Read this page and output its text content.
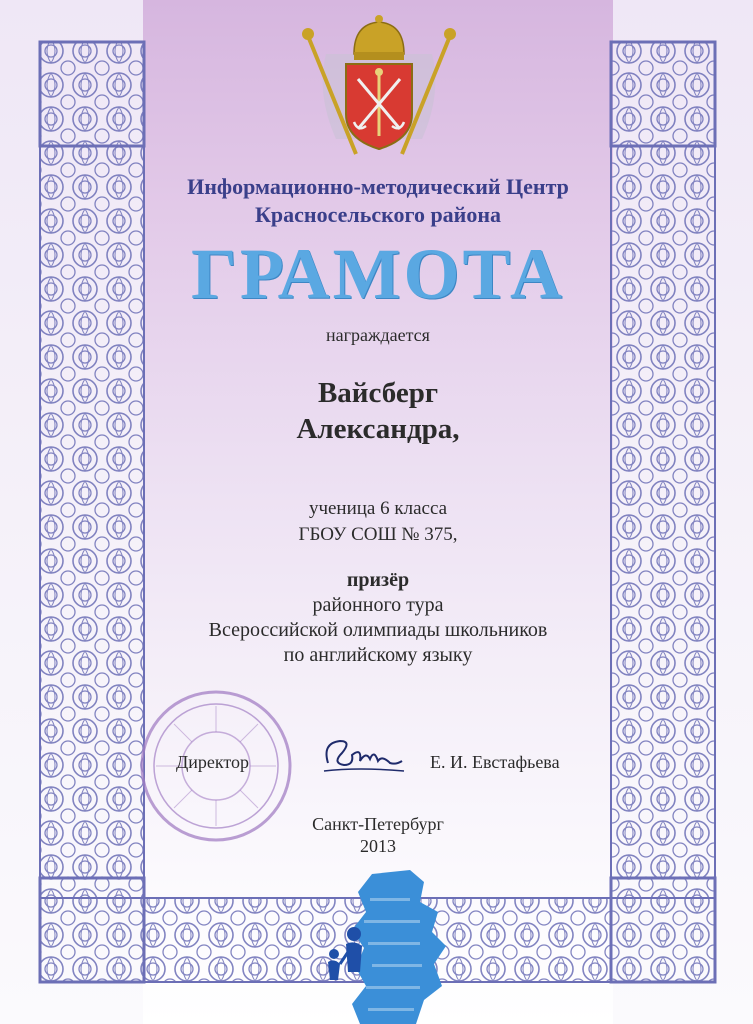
Информационно-методический Центр
Красносельского района

ГРАМОТА

награждается

Вайсберг
Александра,

ученица 6 класса
ГБОУ СОШ № 375,

призёр

районного тура
Всероссийской олимпиады школьников
по английскому языку

Директор	Е. И. Евстафьева

Санкт-Петербург
2013
